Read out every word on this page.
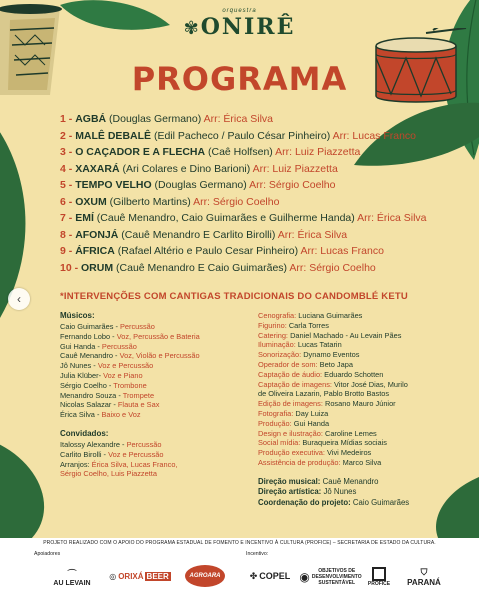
orquestra
✾ONIRÊ
PROGRAMA
1 - AGBÁ (Douglas Germano) Arr: Érica Silva
2 - MALÊ DEBALÊ (Edil Pacheco / Paulo César Pinheiro) Arr: Lucas Franco
3 - O CAÇADOR E A FLECHA (Caê Holfsen) Arr: Luiz Piazzetta
4 - XAXARÁ (Ari Colares e Dino Barioni) Arr: Luiz Piazzetta
5 - TEMPO VELHO (Douglas Germano) Arr: Sérgio Coelho
6 - OXUM (Gilberto Martins) Arr: Sérgio Coelho
7 - EMÍ (Cauê Menandro, Caio Guimarães e Guilherme Handa) Arr: Érica Silva
8 - AFONJÁ (Cauê Menandro E Carlito Birolli) Arr: Érica Silva
9 - ÁFRICA (Rafael Altério e Paulo Cesar Pinheiro) Arr: Lucas Franco
10 - ORUM (Cauê Menandro E Caio Guimarães) Arr: Sérgio Coelho
*INTERVENÇÕES COM CANTIGAS TRADICIONAIS DO CANDOMBLÉ KETU
Músicos:
Caio Guimarães - Percussão
Fernando Lobo - Voz, Percussão e Bateria
Gui Handa - Percussão
Cauê Menandro - Voz, Violão e Percussão
Jô Nunes - Voz e Percussão
Julia Klüber- Voz e Piano
Sérgio Coelho - Trombone
Menandro Souza - Trompete
Nicolas Salazar - Flauta e Sax
Érica Silva - Baixo e Voz
Convidados:
Italossy Alexandre - Percussão
Carlito Birolli - Voz e Percussão
Arranjos: Érica Silva, Lucas Franco,
Sérgio Coelho, Luis Piazzetta
Cenografia: Luciana Guimarães
Figurino: Carla Torres
Catering: Daniel Machado - Au Levain Pães
Iluminação: Lucas Tatarin
Sonorização: Dynamo Eventos
Operador de som: Beto Japa
Captação de áudio: Eduardo Schotten
Captação de imagens: Vitor José Dias, Murilo
de Oliveira Lazarin, Pablo Brotto Bastos
Edição de imagens: Rosano Mauro Júnior
Fotografia: Day Luiza
Produção: Gui Handa
Design e ilustração: Caroline Lemes
Social mídia: Buraqueira Mídias sociais
Produção executiva: Vivi Medeiros
Assistência de produção: Marco Silva
Direção musical: Cauê Menandro
Direção artística: Jô Nunes
Coordenação do projeto: Caio Guimarães
‹
PROJETO REALIZADO COM O APOIO DO PROGRAMA ESTADUAL DE FOMENTO E INCENTIVO À CULTURA (PROFICE) – SECRETARIA DE ESTADO DA CULTURA.
Apoiadores	Incentivo:
⌒
AU LEVAIN
◎ ORIXÁ BEER	AGROARA	✤ COPEL ◉	OBJETIVOS DE DESENVOLVIMENTO SUSTENTÁVEL	PROFICE
⛉
PARANÁ
